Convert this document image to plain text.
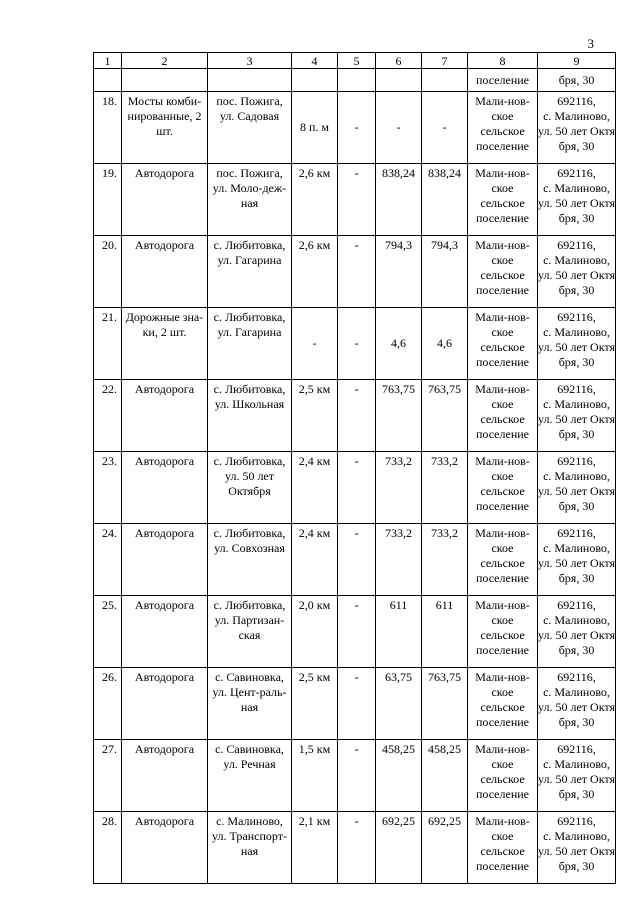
3
1	2	3	4	5	6	7	8	9
							поселение	бря, 30

18.	Мосты комби-нированные, 2 шт.	пос. Пожига, ул. Садовая	8 п. м	-	-	-	Мали-нов-ское сельское поселение	692116,
с. Малиново,
ул. 50 лет Октя
бря, 30

19.	Автодорога	пос. Пожига, ул. Моло-деж-ная	2,6 км	-	838,24	838,24	Мали-нов-ское сельское поселение	692116,
с. Малиново,
ул. 50 лет Октя
бря, 30

20.	Автодорога	с. Любитовка, ул. Гагарина	2,6 км	-	794,3	794,3	Мали-нов-ское сельское поселение	692116,
с. Малиново,
ул. 50 лет Октя
бря, 30

21.	Дорожные зна-ки, 2 шт.	с. Любитовка, ул. Гагарина	-	-	4,6	4,6	Мали-нов-ское сельское поселение	692116,
с. Малиново,
ул. 50 лет Октя
бря, 30

22.	Автодорога	с. Любитовка, ул. Школьная	2,5 км	-	763,75	763,75	Мали-нов-ское сельское поселение	692116,
с. Малиново,
ул. 50 лет Октя
бря, 30

23.	Автодорога	с. Любитовка, ул. 50 лет Октября	2,4 км	-	733,2	733,2	Мали-нов-ское сельское поселение	692116,
с. Малиново,
ул. 50 лет Октя
бря, 30

24.	Автодорога	с. Любитовка, ул. Совхозная	2,4 км	-	733,2	733,2	Мали-нов-ское сельское поселение	692116,
с. Малиново,
ул. 50 лет Октя
бря, 30

25.	Автодорога	с. Любитовка, ул. Партизан-ская	2,0 км	-	611	611	Мали-нов-ское сельское поселение	692116,
с. Малиново,
ул. 50 лет Октя
бря, 30

26.	Автодорога	с. Савиновка, ул. Цент-раль-ная	2,5 км	-	63,75	763,75	Мали-нов-ское сельское поселение	692116,
с. Малиново,
ул. 50 лет Октя
бря, 30

27.	Автодорога	с. Савиновка, ул. Речная	1,5 км	-	458,25	458,25	Мали-нов-ское сельское поселение	692116,
с. Малиново,
ул. 50 лет Октя
бря, 30

28.	Автодорога	с. Малиново, ул. Транспорт-ная	2,1 км	-	692,25	692,25	Мали-нов-ское сельское поселение	692116,
с. Малиново,
ул. 50 лет Октя
бря, 30
